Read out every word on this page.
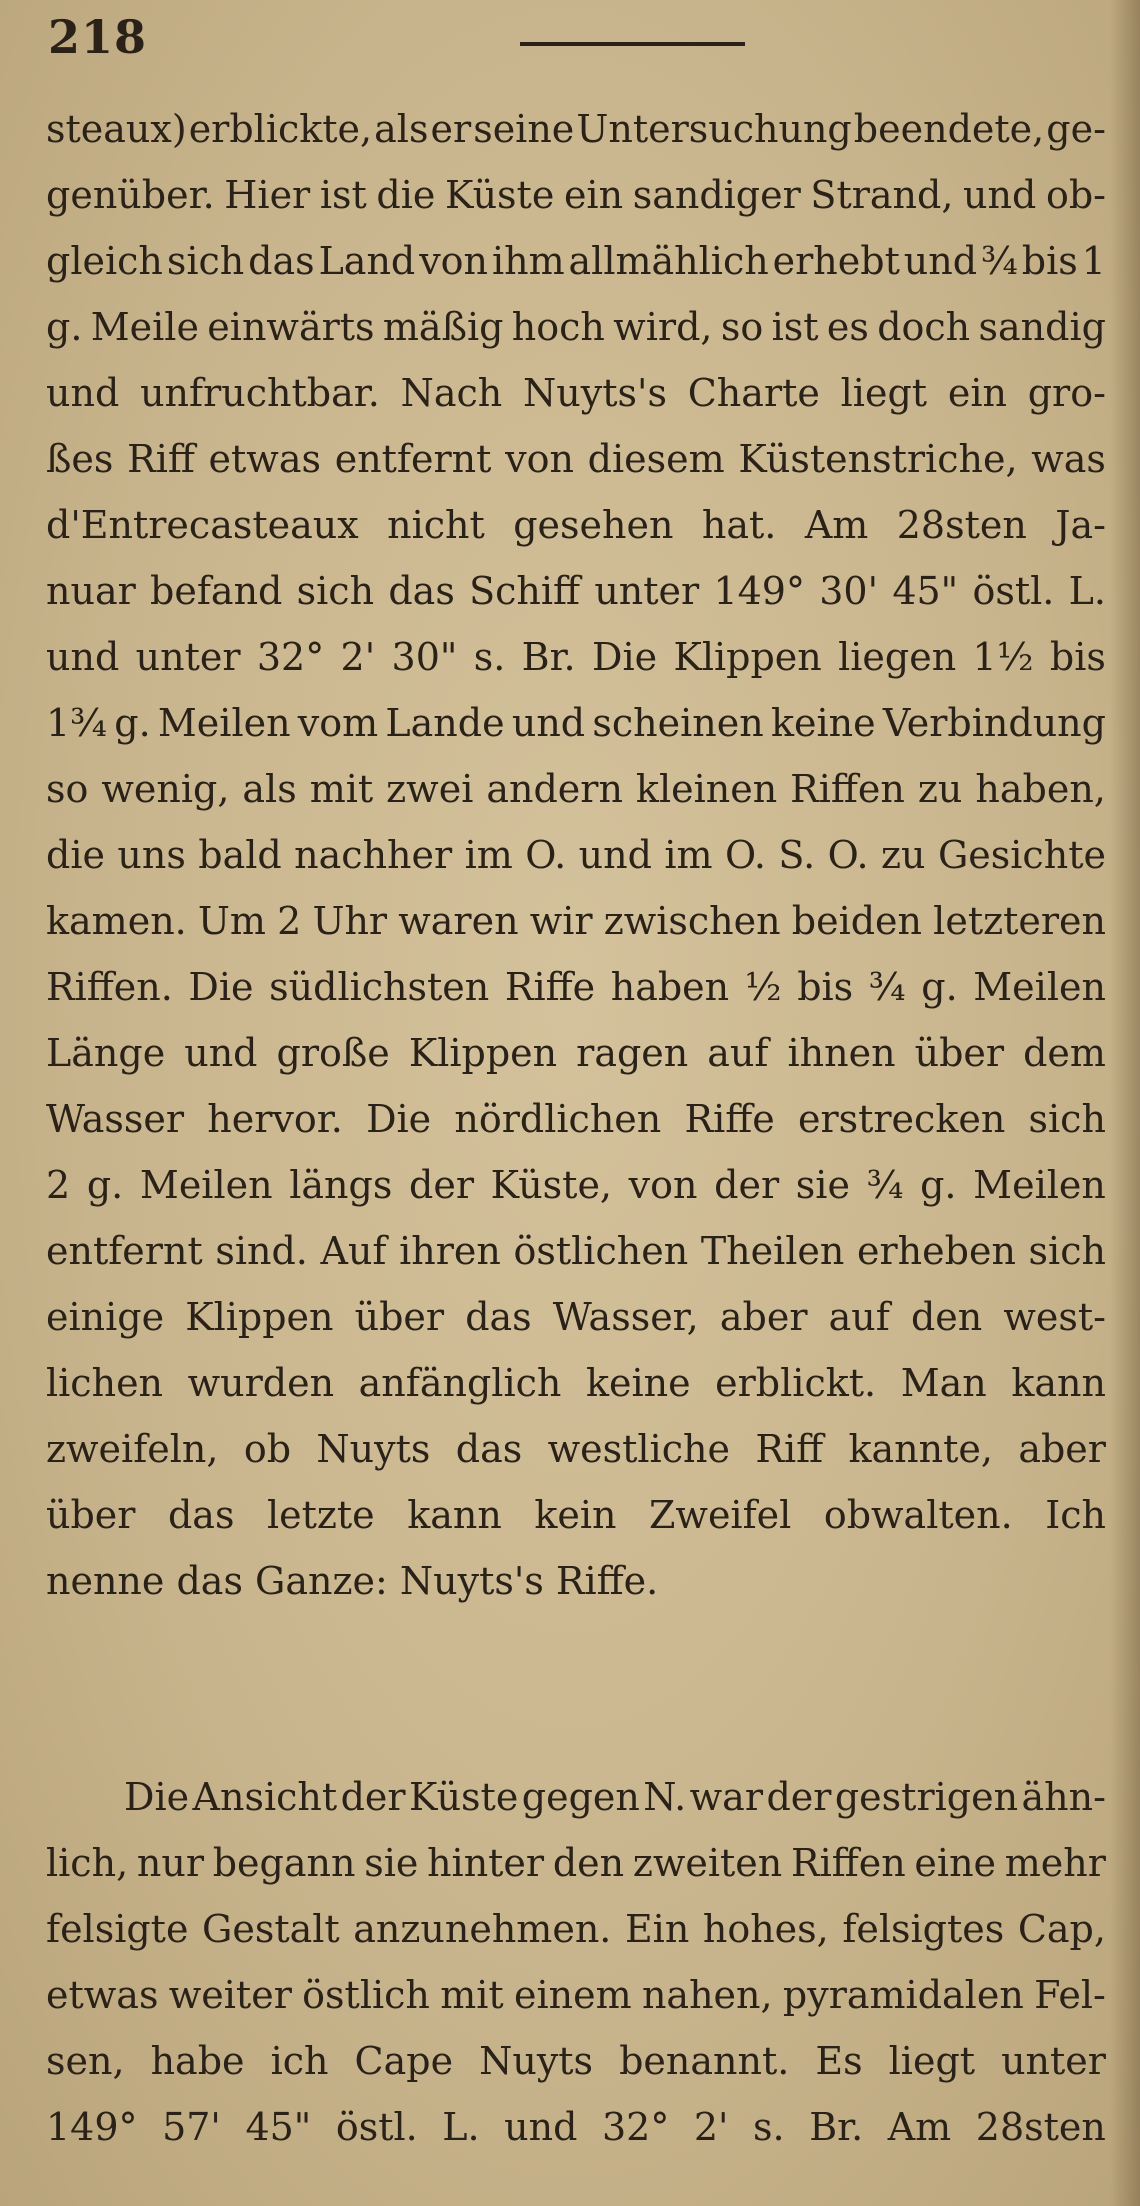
218
steaux) erblickte, als er seine Untersuchung beendete, ge-
genüber. Hier ist die Küste ein sandiger Strand, und ob-
gleich sich das Land von ihm allmählich erhebt und ¾ bis 1
g. Meile einwärts mäßig hoch wird, so ist es doch sandig
und unfruchtbar. Nach Nuyts's Charte liegt ein gro-
ßes Riff etwas entfernt von diesem Küstenstriche, was
d'Entrecasteaux nicht gesehen hat. Am 28sten Ja-
nuar befand sich das Schiff unter 149° 30' 45" östl. L.
und unter 32° 2' 30" s. Br. Die Klippen liegen 1½ bis
1¾ g. Meilen vom Lande und scheinen keine Verbindung
so wenig, als mit zwei andern kleinen Riffen zu haben,
die uns bald nachher im O. und im O. S. O. zu Gesichte
kamen. Um 2 Uhr waren wir zwischen beiden letzteren
Riffen. Die südlichsten Riffe haben ½ bis ¾ g. Meilen
Länge und große Klippen ragen auf ihnen über dem
Wasser hervor. Die nördlichen Riffe erstrecken sich
2 g. Meilen längs der Küste, von der sie ¾ g. Meilen
entfernt sind. Auf ihren östlichen Theilen erheben sich
einige Klippen über das Wasser, aber auf den west-
lichen wurden anfänglich keine erblickt. Man kann
zweifeln, ob Nuyts das westliche Riff kannte, aber
über das letzte kann kein Zweifel obwalten. Ich
nenne das Ganze: Nuyts's Riffe.
Die Ansicht der Küste gegen N. war der gestrigen ähn-
lich, nur begann sie hinter den zweiten Riffen eine mehr
felsigte Gestalt anzunehmen. Ein hohes, felsigtes Cap,
etwas weiter östlich mit einem nahen, pyramidalen Fel-
sen, habe ich Cape Nuyts benannt. Es liegt unter
149° 57' 45" östl. L. und 32° 2' s. Br. Am 28sten
